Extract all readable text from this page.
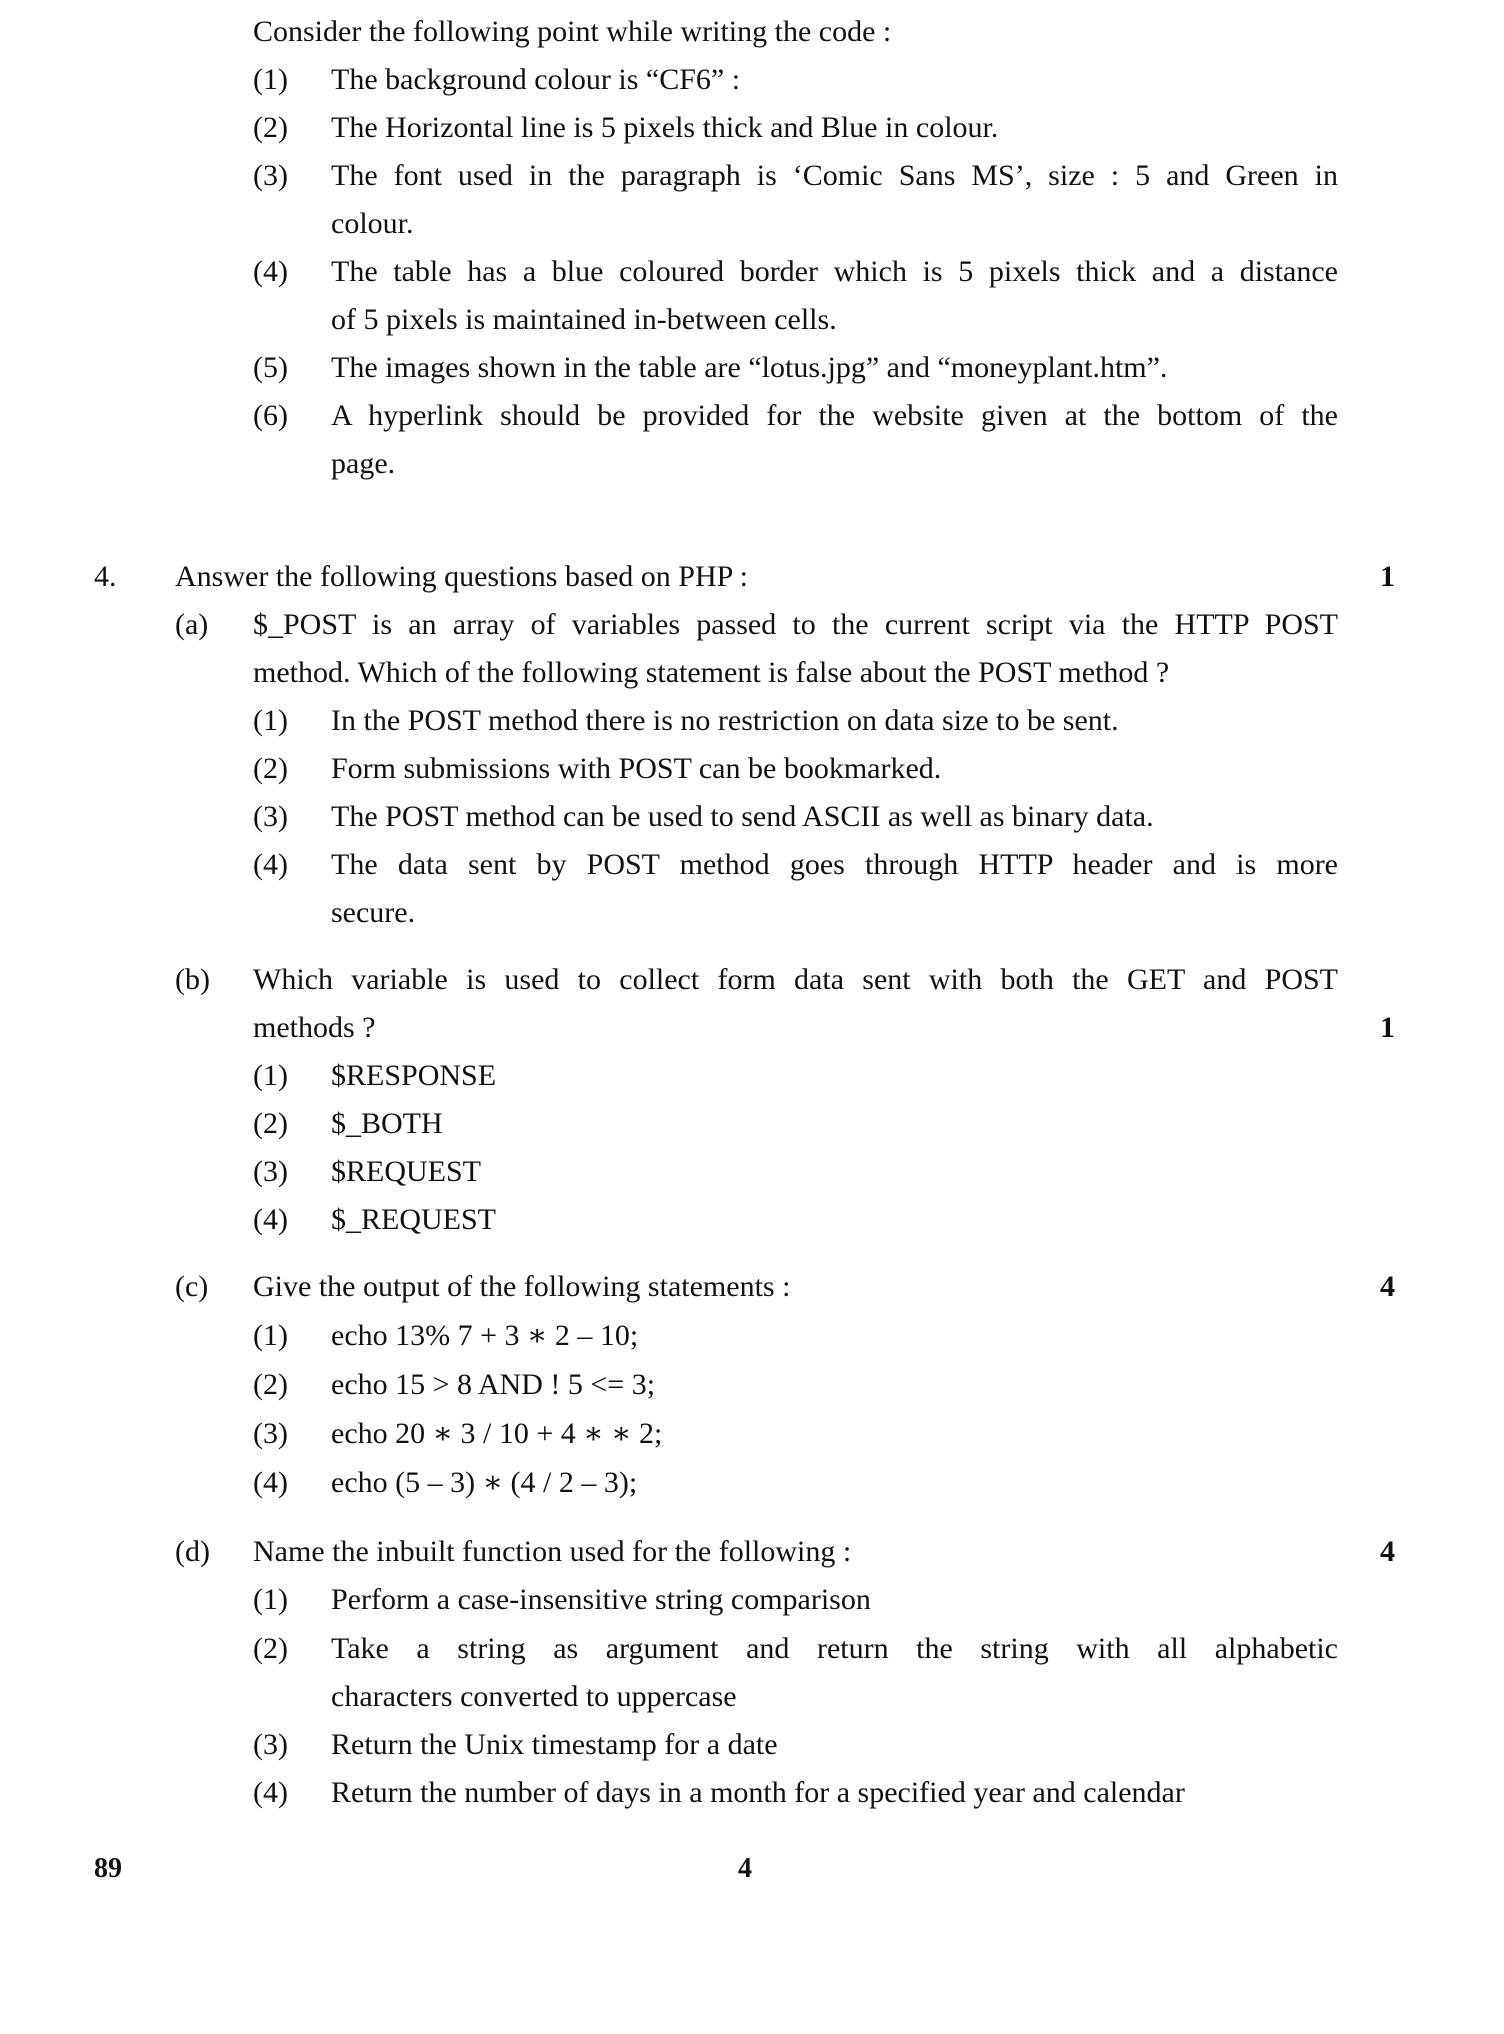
Consider the following point while writing the code :
(1) The background colour is “CF6” :
(2) The Horizontal line is 5 pixels thick and Blue in colour.
(3) The font used in the paragraph is ‘Comic Sans MS’, size : 5 and Green in
colour.
(4) The table has a blue coloured border which is 5 pixels thick and a distance
of 5 pixels is maintained in-between cells.
(5) The images shown in the table are “lotus.jpg” and “moneyplant.htm”.
(6) A hyperlink should be provided for the website given at the bottom of the
page.
4. Answer the following questions based on PHP :	1
(a) $_POST is an array of variables passed to the current script via the HTTP POST
method. Which of the following statement is false about the POST method ?
(1) In the POST method there is no restriction on data size to be sent.
(2) Form submissions with POST can be bookmarked.
(3) The POST method can be used to send ASCII as well as binary data.
(4) The data sent by POST method goes through HTTP header and is more
secure.
(b) Which variable is used to collect form data sent with both the GET and POST
methods ?	1
(1) $RESPONSE
(2) $_BOTH
(3) $REQUEST
(4) $_REQUEST
(c) Give the output of the following statements :	4
(1) echo 13% 7 + 3 ∗ 2 – 10;
(2) echo 15 > 8 AND ! 5 <= 3;
(3) echo 20 ∗ 3 / 10 + 4 ∗ ∗ 2;
(4) echo (5 – 3) ∗ (4 / 2 – 3);
(d) Name the inbuilt function used for the following :	4
(1) Perform a case-insensitive string comparison
(2) Take a string as argument and return the string with all alphabetic
characters converted to uppercase
(3) Return the Unix timestamp for a date
(4) Return the number of days in a month for a specified year and calendar
89	4
